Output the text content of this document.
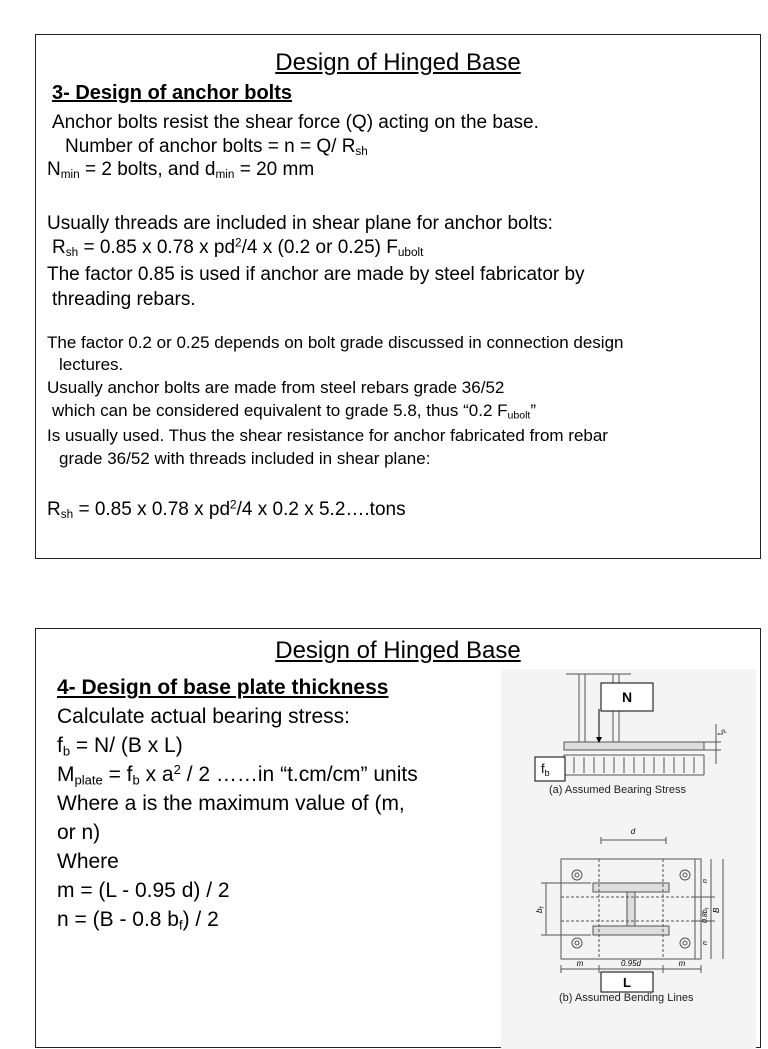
Design of Hinged Base
3- Design of anchor bolts
Anchor bolts resist the shear force (Q) acting on the base.
Number of anchor bolts = n = Q/ $R_{sh}$
$N_{min} = 2$ bolts, and $d_{min} = 20$ mm
Usually threads are included in shear plane for anchor bolts:
$R_{sh} = 0.85$ x 0.78 x $pd^2/4$ x (0.2 or 0.25) $F_{ubolt}$
The factor 0.85 is used if anchor are made by steel fabricator by
threading rebars.
The factor 0.2 or 0.25 depends on bolt grade discussed in connection design
lectures.
Usually anchor bolts are made from steel rebars grade 36/52
which can be considered equivalent to grade 5.8, thus “0.2 $F_{ubolt}$”
Is usually used. Thus the shear resistance for anchor fabricated from rebar
grade 36/52 with threads included in shear plane:
$R_{sh} = 0.85$ x 0.78 x $pd^2/4$ x 0.2 x 5.2….tons
Design of Hinged Base
4- Design of base plate thickness
Calculate actual bearing stress:
$f_b = N/$ (B x L)
$M_{plate} = f_b$ x $a^2 / 2$ ……in “t.cm/cm” units
Where a is the maximum value of (m,
or n)
Where
m = (L - 0.95 d) / 2
n = (B - 0.8 $b_f) / 2$
N
$t_p$
$f_b$
(a) Assumed Bearing Stress
d
$b_f$
n
$0.8b_f$
n
B
m	0.95d	m
L
(b) Assumed Bending Lines
